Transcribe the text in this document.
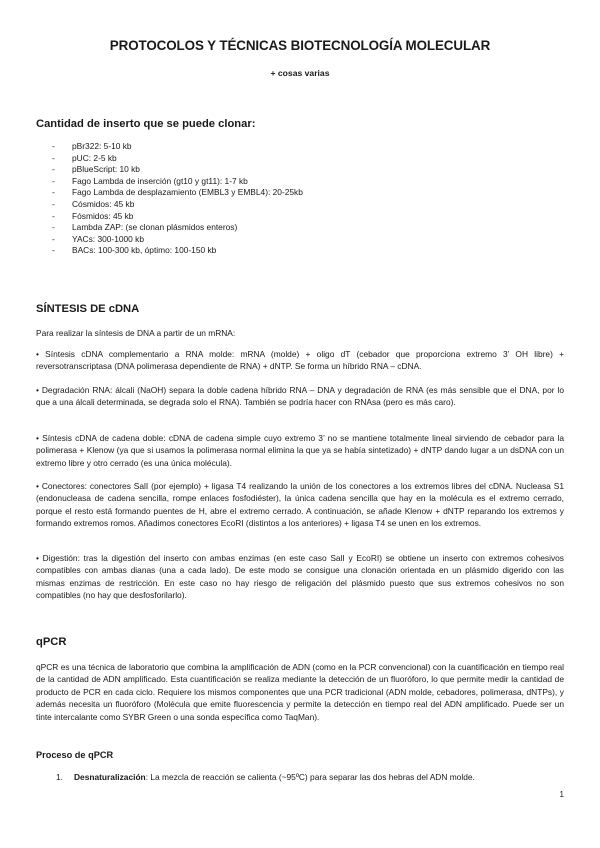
PROTOCOLOS Y TÉCNICAS BIOTECNOLOGÍA MOLECULAR
+ cosas varias
Cantidad de inserto que se puede clonar:
- pBr322: 5-10 kb
- pUC: 2-5 kb
- pBlueScript: 10 kb
- Fago Lambda de inserción (gt10 y gt11): 1-7 kb
- Fago Lambda de desplazamiento (EMBL3 y EMBL4): 20-25kb
- Cósmidos: 45 kb
- Fósmidos: 45 kb
- Lambda ZAP: (se clonan plásmidos enteros)
- YACs: 300-1000 kb
- BACs: 100-300 kb, óptimo: 100-150 kb
SÍNTESIS DE cDNA

Para realizar la síntesis de DNA a partir de un mRNA:

• Síntesis cDNA complementario a RNA molde: mRNA (molde) + oligo dT (cebador que proporciona extremo 3’ OH libre) + reversotranscriptasa (DNA polimerasa dependiente de RNA) + dNTP. Se forma un híbrido RNA – cDNA.

• Degradación RNA: álcali (NaOH) separa la doble cadena híbrido RNA – DNA y degradación de RNA (es más sensible que el DNA, por lo que a una álcali determinada, se degrada solo el RNA). También se podría hacer con RNAsa (pero es más caro).

• Síntesis cDNA de cadena doble: cDNA de cadena simple cuyo extremo 3’ no se mantiene totalmente lineal sirviendo de cebador para la polimerasa + Klenow (ya que si usamos la polimerasa normal elimina la que ya se había sintetizado) + dNTP dando lugar a un dsDNA con un extremo libre y otro cerrado (es una única molécula).

• Conectores: conectores SalI (por ejemplo) + ligasa T4 realizando la unión de los conectores a los extremos libres del cDNA. Nucleasa S1 (endonucleasa de cadena sencilla, rompe enlaces fosfodiéster), la única cadena sencilla que hay en la molécula es el extremo cerrado, porque el resto está formando puentes de H, abre el extremo cerrado. A continuación, se añade Klenow + dNTP reparando los extremos y formando extremos romos. Añadimos conectores EcoRI (distintos a los anteriores) + ligasa T4 se unen en los extremos.

• Digestión: tras la digestión del inserto con ambas enzimas (en este caso SalI y EcoRI) se obtiene un inserto con extremos cohesivos compatibles con ambas dianas (una a cada lado). De este modo se consigue una clonación orientada en un plásmido digerido con las mismas enzimas de restricción. En este caso no hay riesgo de religación del plásmido puesto que sus extremos cohesivos no son compatibles (no hay que desfosforilarlo).

qPCR

qPCR es una técnica de laboratorio que combina la amplificación de ADN (como en la PCR convencional) con la cuantificación en tiempo real de la cantidad de ADN amplificado. Esta cuantificación se realiza mediante la detección de un fluoróforo, lo que permite medir la cantidad de producto de PCR en cada ciclo. Requiere los mismos componentes que una PCR tradicional (ADN molde, cebadores, polimerasa, dNTPs), y además necesita un fluoróforo (Molécula que emite fluorescencia y permite la detección en tiempo real del ADN amplificado. Puede ser un tinte intercalante como SYBR Green o una sonda específica como TaqMan).

Proceso de qPCR
1. Desnaturalización: La mezcla de reacción se calienta (~95ºC) para separar las dos hebras del ADN molde.
1
